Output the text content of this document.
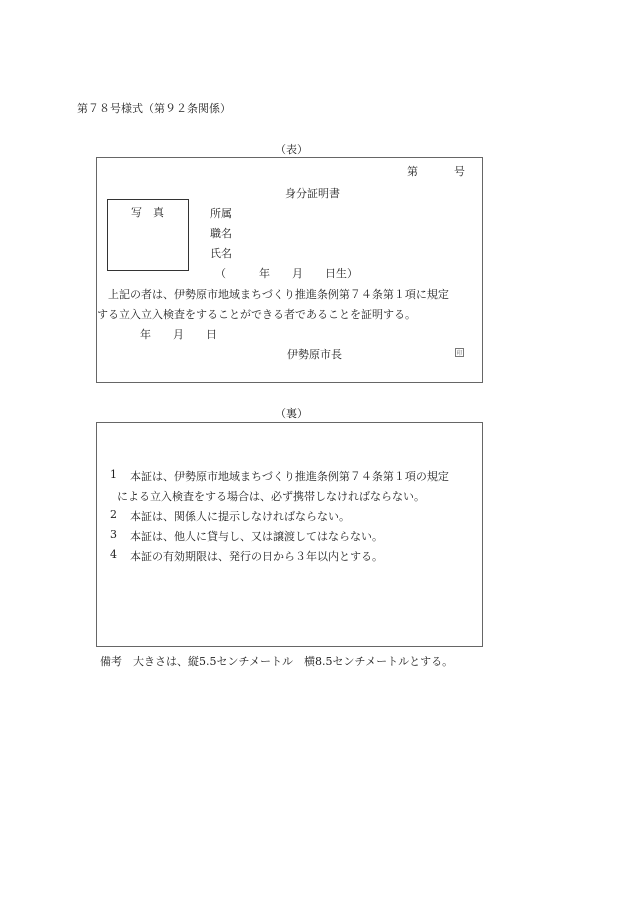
第７８号様式（第９２条関係）
（表）
第	号
身分証明書
写　真	所属
職名
氏名
（　　　年　　月　　日生）
上記の者は、伊勢原市地域まちづくり推進条例第７４条第１項に規定
する立入立入検査をすることができる者であることを証明する。
年　　月　　日
伊勢原市長	印
（裏）
1 本証は、伊勢原市地域まちづくり推進条例第７４条第１項の規定
による立入検査をする場合は、必ず携帯しなければならない。
2 本証は、関係人に提示しなければならない。
3 本証は、他人に貸与し、又は譲渡してはならない。
4 本証の有効期限は、発行の日から３年以内とする。
備考　大きさは、縦5.5センチメートル　横8.5センチメートルとする。
